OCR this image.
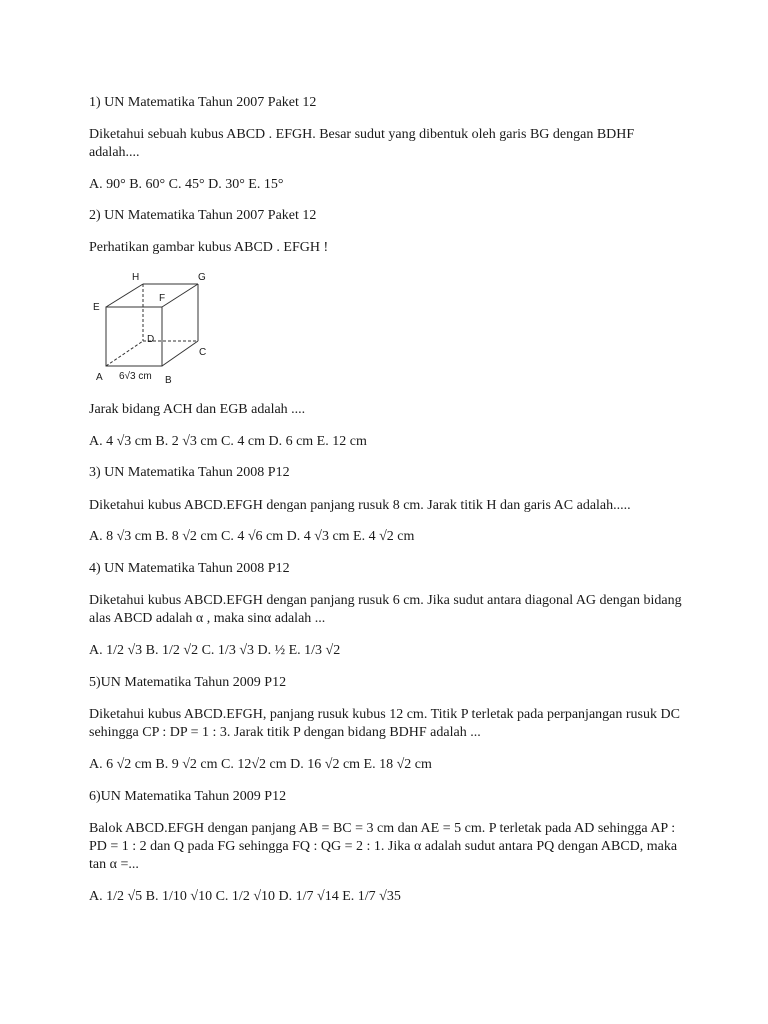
1) UN Matematika Tahun 2007 Paket 12
Diketahui sebuah kubus ABCD . EFGH. Besar sudut yang dibentuk oleh garis BG dengan BDHF
adalah....
A. 90° B. 60° C. 45° D. 30° E. 15°
2) UN Matematika Tahun 2007 Paket 12
Perhatikan gambar kubus ABCD . EFGH !
H	G
E
F
D
C
A	B
6√3 cm
Jarak bidang ACH dan EGB adalah ....
A. 4 √3 cm B. 2 √3 cm C. 4 cm D. 6 cm E. 12 cm
3) UN Matematika Tahun 2008 P12
Diketahui kubus ABCD.EFGH dengan panjang rusuk 8 cm. Jarak titik H dan garis AC adalah.....
A. 8 √3 cm B. 8 √2 cm C. 4 √6 cm D. 4 √3 cm E. 4 √2 cm
4) UN Matematika Tahun 2008 P12
Diketahui kubus ABCD.EFGH dengan panjang rusuk 6 cm. Jika sudut antara diagonal AG dengan bidang
alas ABCD adalah α , maka sinα adalah ...
A. 1/2 √3 B. 1/2 √2 C. 1/3 √3 D. ½ E. 1/3 √2
5)UN Matematika Tahun 2009 P12
Diketahui kubus ABCD.EFGH, panjang rusuk kubus 12 cm. Titik P terletak pada perpanjangan rusuk DC
sehingga CP : DP = 1 : 3. Jarak titik P dengan bidang BDHF adalah ...
A. 6 √2 cm B. 9 √2 cm C. 12√2 cm D. 16 √2 cm E. 18 √2 cm
6)UN Matematika Tahun 2009 P12
Balok ABCD.EFGH dengan panjang AB = BC = 3 cm dan AE = 5 cm. P terletak pada AD sehingga AP :
PD = 1 : 2 dan Q pada FG sehingga FQ : QG = 2 : 1. Jika α adalah sudut antara PQ dengan ABCD, maka
tan α =...
A. 1/2 √5 B. 1/10 √10 C. 1/2 √10 D. 1/7 √14 E. 1/7 √35
